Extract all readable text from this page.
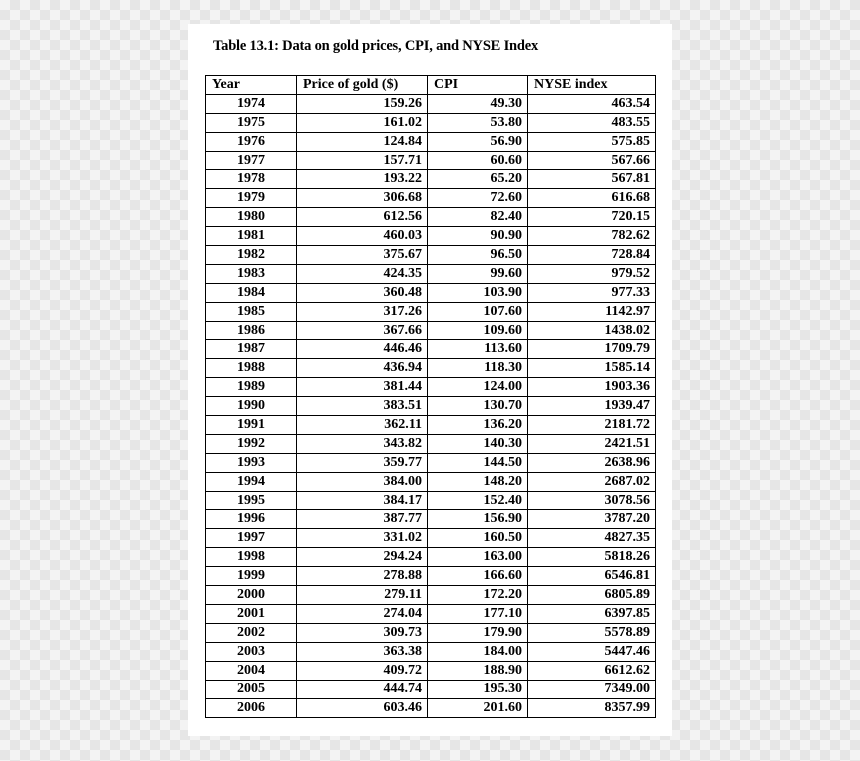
Table 13.1: Data on gold prices, CPI, and NYSE Index
Year	Price of gold ($)	CPI	NYSE index
1974	159.26	49.30	463.54
1975	161.02	53.80	483.55
1976	124.84	56.90	575.85
1977	157.71	60.60	567.66
1978	193.22	65.20	567.81
1979	306.68	72.60	616.68
1980	612.56	82.40	720.15
1981	460.03	90.90	782.62
1982	375.67	96.50	728.84
1983	424.35	99.60	979.52
1984	360.48	103.90	977.33
1985	317.26	107.60	1142.97
1986	367.66	109.60	1438.02
1987	446.46	113.60	1709.79
1988	436.94	118.30	1585.14
1989	381.44	124.00	1903.36
1990	383.51	130.70	1939.47
1991	362.11	136.20	2181.72
1992	343.82	140.30	2421.51
1993	359.77	144.50	2638.96
1994	384.00	148.20	2687.02
1995	384.17	152.40	3078.56
1996	387.77	156.90	3787.20
1997	331.02	160.50	4827.35
1998	294.24	163.00	5818.26
1999	278.88	166.60	6546.81
2000	279.11	172.20	6805.89
2001	274.04	177.10	6397.85
2002	309.73	179.90	5578.89
2003	363.38	184.00	5447.46
2004	409.72	188.90	6612.62
2005	444.74	195.30	7349.00
2006	603.46	201.60	8357.99
